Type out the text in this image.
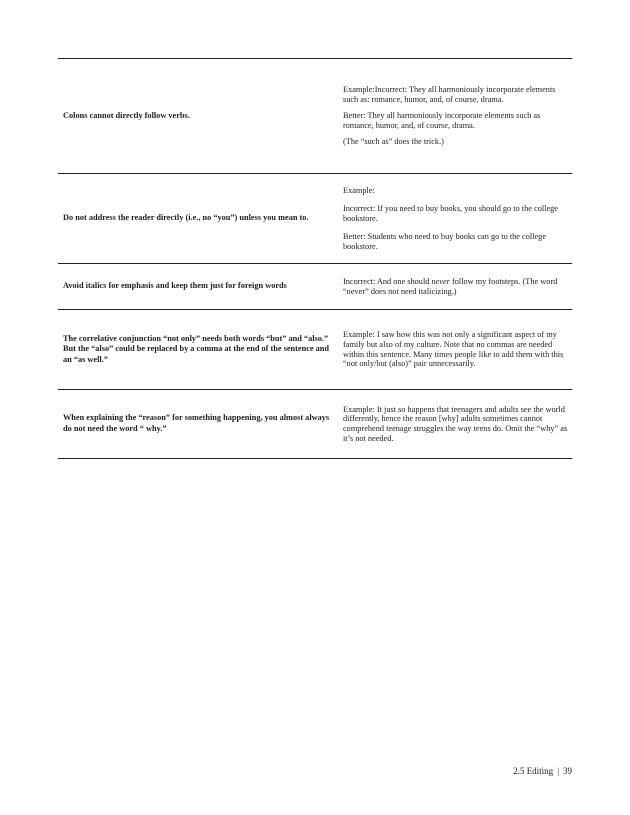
Colons cannot directly follow verbs.

Example:Incorrect: They all harmoniously incorporate elements such as: romance, humor, and, of course, drama.

Better: They all harmoniously incorporate elements such as romance, humor, and, of course, drama.

(The “such as” does the trick.)

Do not address the reader directly (i.e., no “you”) unless you mean to.

Example:

Incorrect: If you need to buy books, you should go to the college bookstore.

Better: Students who need to buy books can go to the college bookstore.

Avoid italics for emphasis and keep them just for foreign words	Incorrect: And one should never follow my footsteps. (The word “never” does not need italicizing.)

The correlative conjunction “not only” needs both words “but” and “also.” But the “also” could be replaced by a comma at the end of the sentence and an “as well.”

Example: I saw how this was not only a significant aspect of my family but also of my culture. Note that no commas are needed within this sentence. Many times people like to add them with this “not only/but (also)” pair unnecessarily.

When explaining the “reason” for something happening, you almost always do not need the word “ why.”

Example: It just so happens that teenagers and adults see the world differently, hence the reason [why] adults sometimes cannot comprehend teenage struggles the way teens do. Omit the “why” as it’s not needed.

2.5 Editing | 39
